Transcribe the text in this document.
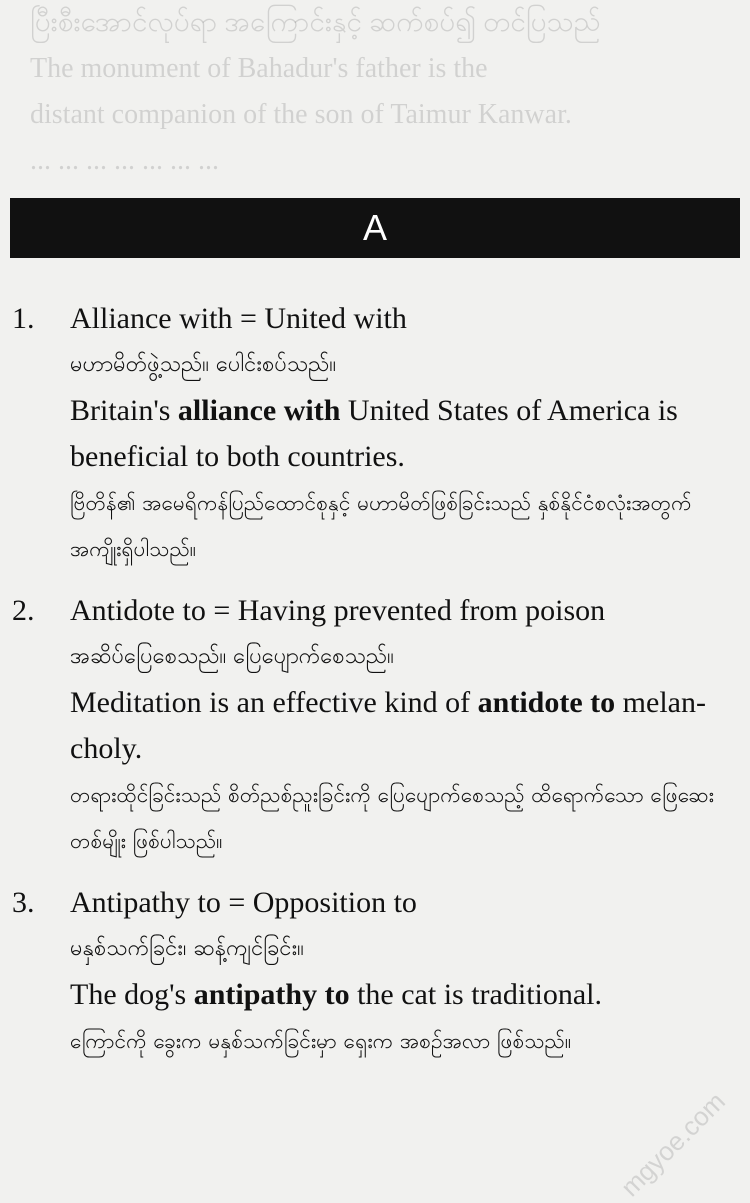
ပြီးစီးအောင်လုပ်ရာ အကြောင်းနှင့် ဆက်စပ်၍ တင်ပြသည်
The monument of Bahadur's father is the
distant companion of the son of Taimur Kanwar.
... ... ... ... ... ... ...
A
1. Alliance with = United with
မဟာမိတ်ဖွဲ့သည်။ ပေါင်းစပ်သည်။
Britain's alliance with United States of America is beneficial to both countries.
ဗြိတိန်၏ အမေရိကန်ပြည်ထောင်စုနှင့် မဟာမိတ်ဖြစ်ခြင်းသည် နှစ်နိုင်ငံစလုံးအတွက် အကျိုးရှိပါသည်။
2. Antidote to = Having prevented from poison
အဆိပ်ပြေစေသည်။ ပြေပျောက်စေသည်။
Meditation is an effective kind of antidote to melan-choly.
တရားထိုင်ခြင်းသည် စိတ်ညစ်ညူးခြင်းကို ပြေပျောက်စေသည့် ထိရောက်သော ဖြေဆေးတစ်မျိုး ဖြစ်ပါသည်။
3. Antipathy to = Opposition to
မနှစ်သက်ခြင်း၊ ဆန့်ကျင်ခြင်း။
The dog's antipathy to the cat is traditional.
ကြောင်ကို ခွေးက မနှစ်သက်ခြင်းမှာ ရှေးက အစဉ်အလာ ဖြစ်သည်။
mgyoe.com
